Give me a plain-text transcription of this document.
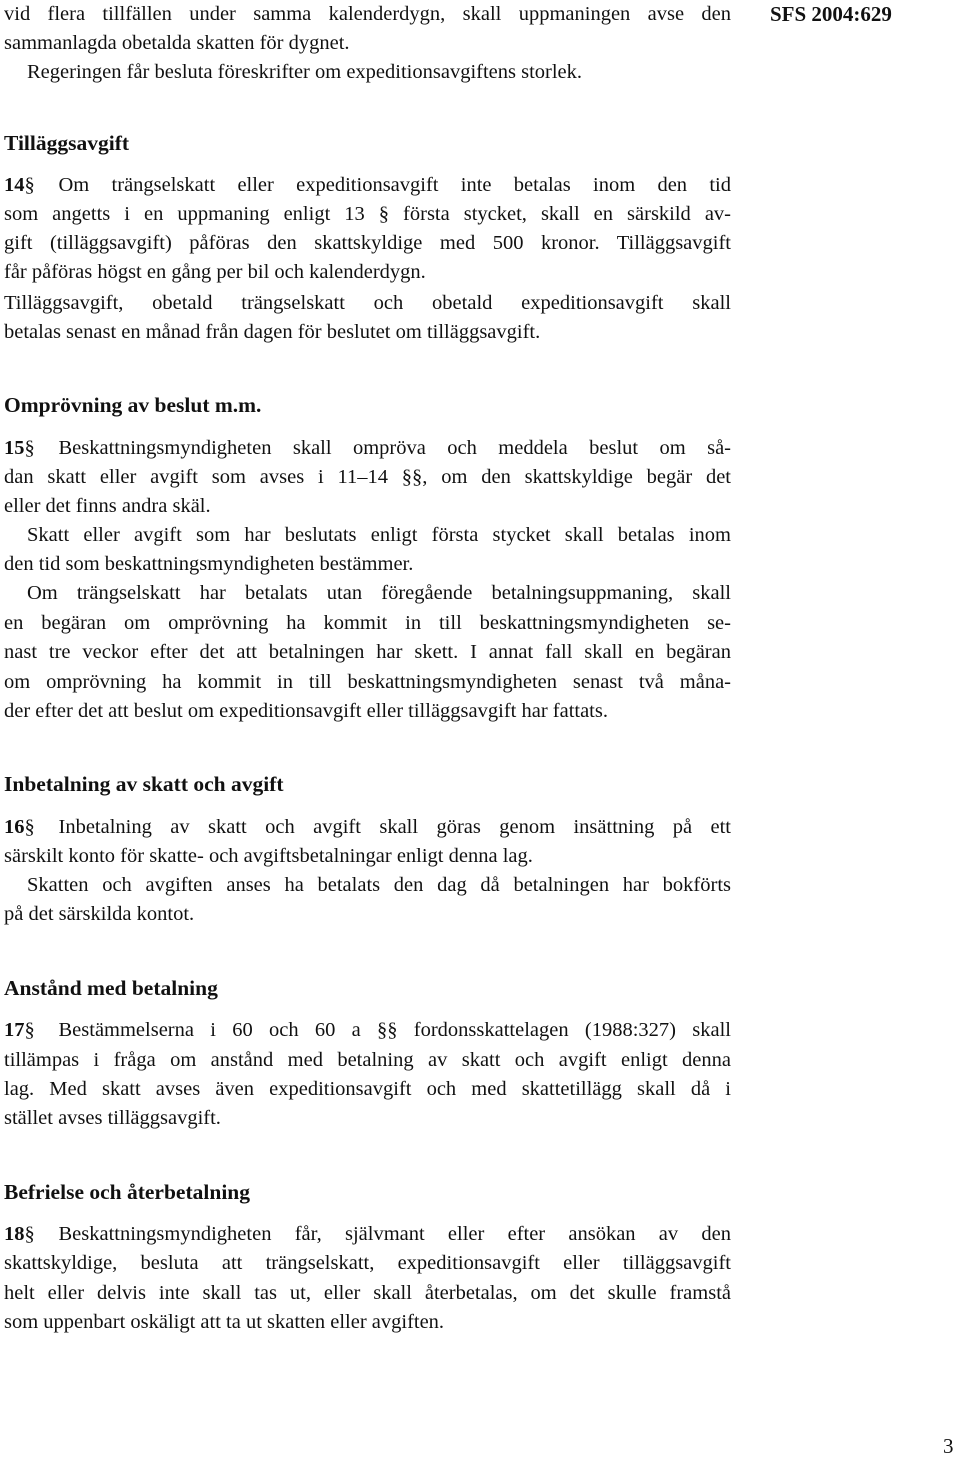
SFS 2004:629
vid flera tillfällen under samma kalenderdygn, skall uppmaningen avse den
sammanlagda obetalda skatten för dygnet.
Regeringen får besluta föreskrifter om expeditionsavgiftens storlek.
Tilläggsavgift
14§ Om trängselskatt eller expeditionsavgift inte betalas inom den tid
som angetts i en uppmaning enligt 13 § första stycket, skall en särskild av-
gift (tilläggsavgift) påföras den skattskyldige med 500 kronor. Tilläggsavgift
får påföras högst en gång per bil och kalenderdygn.
Tilläggsavgift, obetald trängselskatt och obetald expeditionsavgift skall
betalas senast en månad från dagen för beslutet om tilläggsavgift.
Omprövning av beslut m.m.
15§ Beskattningsmyndigheten skall ompröva och meddela beslut om så-
dan skatt eller avgift som avses i 11–14 §§, om den skattskyldige begär det
eller det finns andra skäl.
Skatt eller avgift som har beslutats enligt första stycket skall betalas inom
den tid som beskattningsmyndigheten bestämmer.
Om trängselskatt har betalats utan föregående betalningsuppmaning, skall
en begäran om omprövning ha kommit in till beskattningsmyndigheten se-
nast tre veckor efter det att betalningen har skett. I annat fall skall en begäran
om omprövning ha kommit in till beskattningsmyndigheten senast två måna-
der efter det att beslut om expeditionsavgift eller tilläggsavgift har fattats.
Inbetalning av skatt och avgift
16§ Inbetalning av skatt och avgift skall göras genom insättning på ett
särskilt konto för skatte- och avgiftsbetalningar enligt denna lag.
Skatten och avgiften anses ha betalats den dag då betalningen har bokförts
på det särskilda kontot.
Anstånd med betalning
17§ Bestämmelserna i 60 och 60 a §§ fordonsskattelagen (1988:327) skall
tillämpas i fråga om anstånd med betalning av skatt och avgift enligt denna
lag. Med skatt avses även expeditionsavgift och med skattetillägg skall då i
stället avses tilläggsavgift.
Befrielse och återbetalning
18§ Beskattningsmyndigheten får, självmant eller efter ansökan av den
skattskyldige, besluta att trängselskatt, expeditionsavgift eller tilläggsavgift
helt eller delvis inte skall tas ut, eller skall återbetalas, om det skulle framstå
som uppenbart oskäligt att ta ut skatten eller avgiften.
3
